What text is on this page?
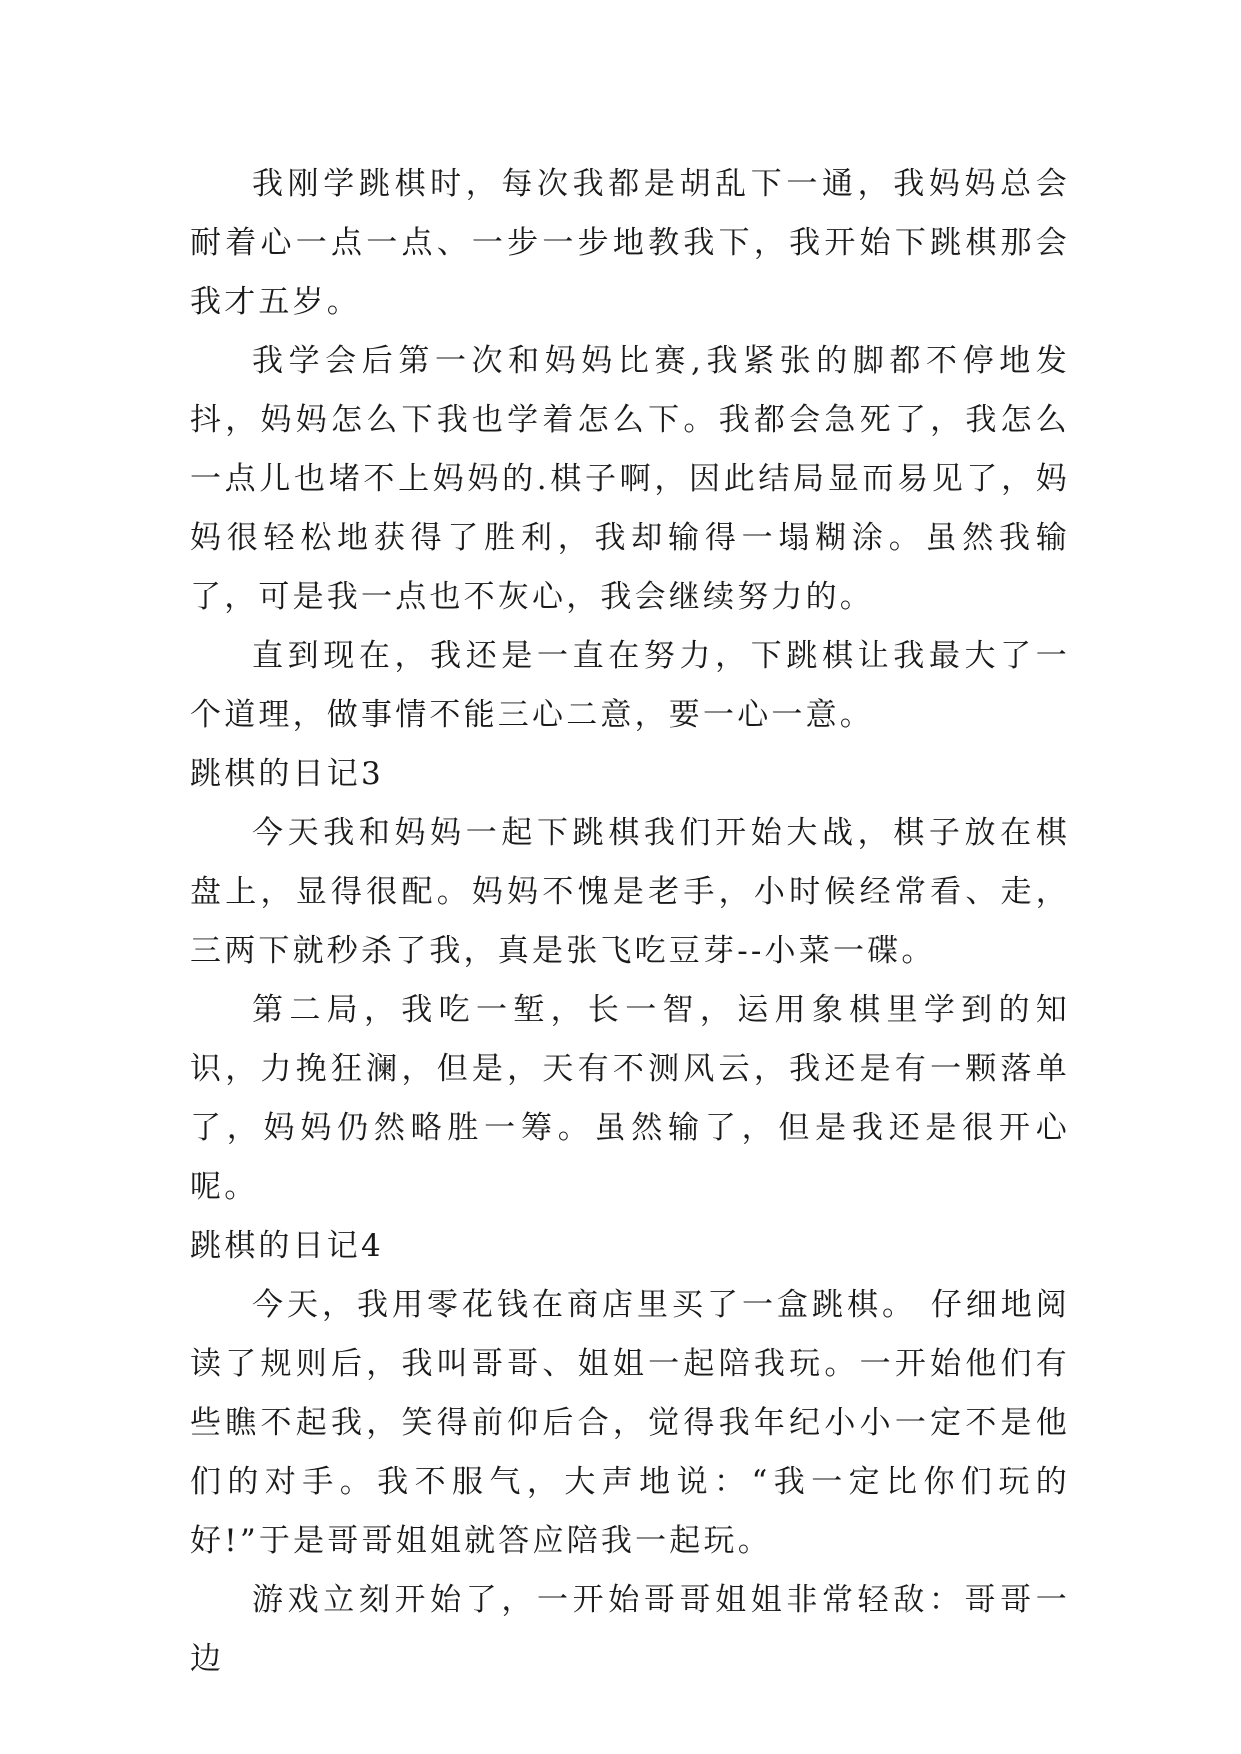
我刚学跳棋时，每次我都是胡乱下一通，我妈妈总会耐着心一点一点、一步一步地教我下，我开始下跳棋那会我才五岁。

我学会后第一次和妈妈比赛,我紧张的脚都不停地发抖，妈妈怎么下我也学着怎么下。我都会急死了，我怎么一点儿也堵不上妈妈的.棋子啊，因此结局显而易见了，妈妈很轻松地获得了胜利，我却输得一塌糊涂。虽然我输了，可是我一点也不灰心，我会继续努力的。

直到现在，我还是一直在努力，下跳棋让我最大了一个道理，做事情不能三心二意，要一心一意。

跳棋的日记3

今天我和妈妈一起下跳棋我们开始大战，棋子放在棋盘上，显得很配。妈妈不愧是老手，小时候经常看、走，三两下就秒杀了我，真是张飞吃豆芽--小菜一碟。

第二局，我吃一堑，长一智，运用象棋里学到的知识，力挽狂澜，但是，天有不测风云，我还是有一颗落单了，妈妈仍然略胜一筹。虽然输了，但是我还是很开心呢。

跳棋的日记4

今天，我用零花钱在商店里买了一盒跳棋。 仔细地阅读了规则后，我叫哥哥、姐姐一起陪我玩。一开始他们有些瞧不起我，笑得前仰后合，觉得我年纪小小一定不是他们的对手。我不服气，大声地说：“我一定比你们玩的好!”于是哥哥姐姐就答应陪我一起玩。

游戏立刻开始了，一开始哥哥姐姐非常轻敌：哥哥一边
